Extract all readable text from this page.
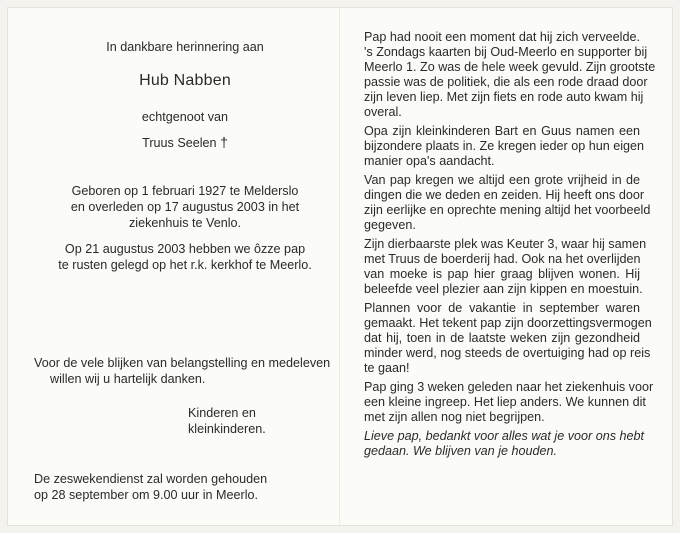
In dankbare herinnering aan
Hub Nabben
echtgenoot van
Truus Seelen †
Geboren op 1 februari 1927 te Melderslo
en overleden op 17 augustus 2003 in het
ziekenhuis te Venlo.
Op 21 augustus 2003 hebben we ôzze pap
te rusten gelegd op het r.k. kerkhof te Meerlo.
Voor de vele blijken van belangstelling en medeleven
willen wij u hartelijk danken.
Kinderen en
kleinkinderen.
De zeswekendienst zal worden gehouden
op 28 september om 9.00 uur in Meerlo.
Pap had nooit een moment dat hij zich verveelde.
's Zondags kaarten bij Oud-Meerlo en supporter bij
Meerlo 1. Zo was de hele week gevuld. Zijn grootste
passie was de politiek, die als een rode draad door
zijn leven liep. Met zijn fiets en rode auto kwam hij
overal.
Opa zijn kleinkinderen Bart en Guus namen een
bijzondere plaats in. Ze kregen ieder op hun eigen
manier opa's aandacht.
Van pap kregen we altijd een grote vrijheid in de
dingen die we deden en zeiden. Hij heeft ons door
zijn eerlijke en oprechte mening altijd het voorbeeld
gegeven.
Zijn dierbaarste plek was Keuter 3, waar hij samen
met Truus de boerderij had. Ook na het overlijden
van moeke is pap hier graag blijven wonen. Hij
beleefde veel plezier aan zijn kippen en moestuin.
Plannen voor de vakantie in september waren
gemaakt. Het tekent pap zijn doorzettingsvermogen
dat hij, toen in de laatste weken zijn gezondheid
minder werd, nog steeds de overtuiging had op reis
te gaan!
Pap ging 3 weken geleden naar het ziekenhuis voor
een kleine ingreep. Het liep anders. We kunnen dit
met zijn allen nog niet begrijpen.
Lieve pap, bedankt voor alles wat je voor ons hebt
gedaan. We blijven van je houden.
